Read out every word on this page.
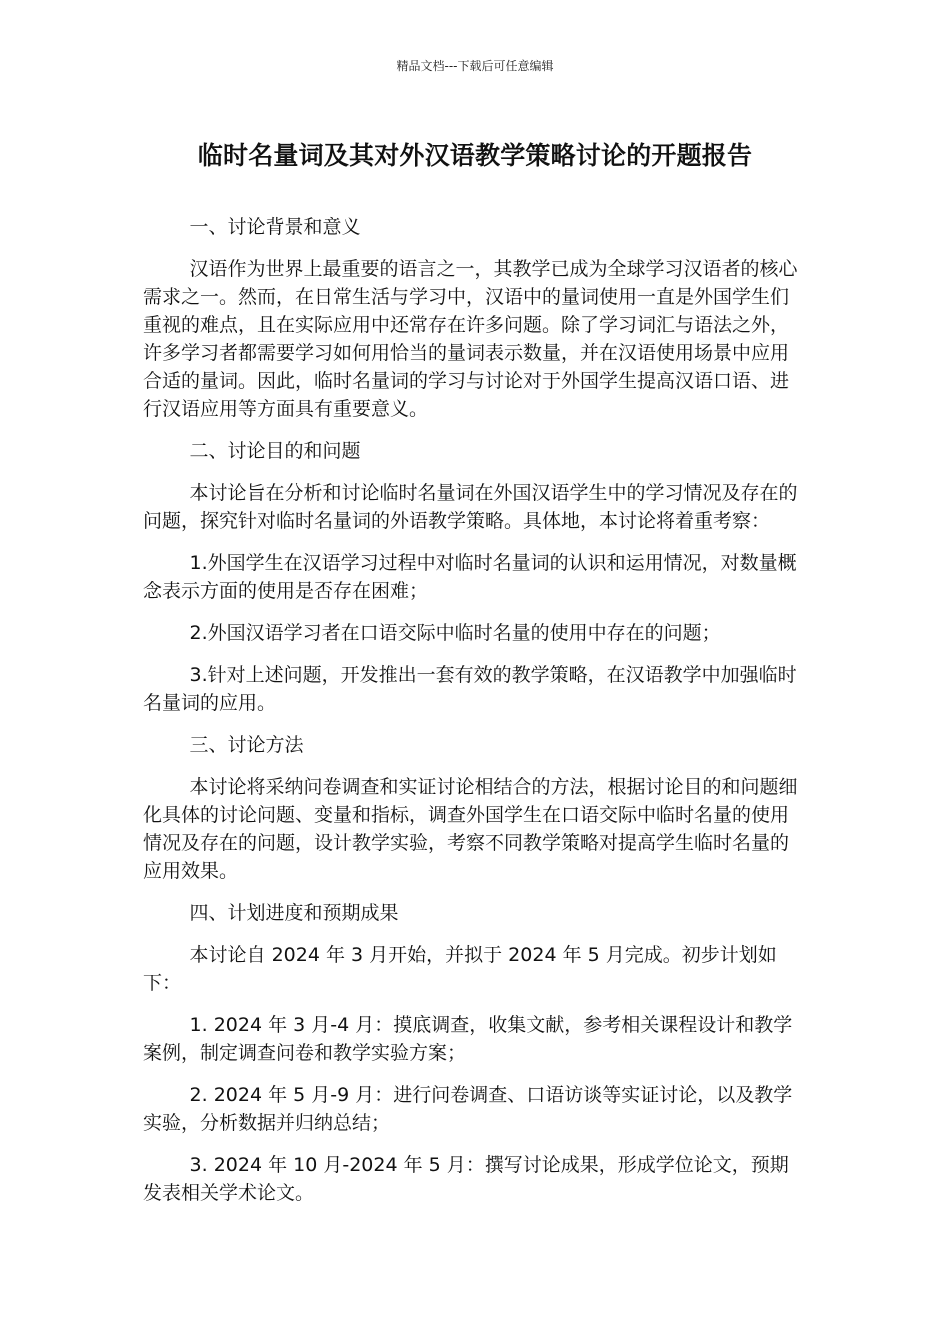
精品文档---下载后可任意编辑
临时名量词及其对外汉语教学策略讨论的开题报告

一、讨论背景和意义

汉语作为世界上最重要的语言之一，其教学已成为全球学习汉语者的核心需求之一。然而，在日常生活与学习中，汉语中的量词使用一直是外国学生们重视的难点，且在实际应用中还常存在许多问题。除了学习词汇与语法之外，许多学习者都需要学习如何用恰当的量词表示数量，并在汉语使用场景中应用合适的量词。因此，临时名量词的学习与讨论对于外国学生提高汉语口语、进行汉语应用等方面具有重要意义。

二、讨论目的和问题

本讨论旨在分析和讨论临时名量词在外国汉语学生中的学习情况及存在的问题，探究针对临时名量词的外语教学策略。具体地，本讨论将着重考察：

1.外国学生在汉语学习过程中对临时名量词的认识和运用情况，对数量概念表示方面的使用是否存在困难；

2.外国汉语学习者在口语交际中临时名量的使用中存在的问题；

3.针对上述问题，开发推出一套有效的教学策略，在汉语教学中加强临时名量词的应用。

三、讨论方法

本讨论将采纳问卷调查和实证讨论相结合的方法，根据讨论目的和问题细化具体的讨论问题、变量和指标，调查外国学生在口语交际中临时名量的使用情况及存在的问题，设计教学实验，考察不同教学策略对提高学生临时名量的应用效果。

四、计划进度和预期成果

本讨论自 2024 年 3 月开始，并拟于 2024 年 5 月完成。初步计划如下：

1. 2024 年 3 月-4 月：摸底调查，收集文献，参考相关课程设计和教学案例，制定调查问卷和教学实验方案；

2. 2024 年 5 月-9 月：进行问卷调查、口语访谈等实证讨论，以及教学实验，分析数据并归纳总结；

3. 2024 年 10 月-2024 年 5 月：撰写讨论成果，形成学位论文，预期发表相关学术论文。
